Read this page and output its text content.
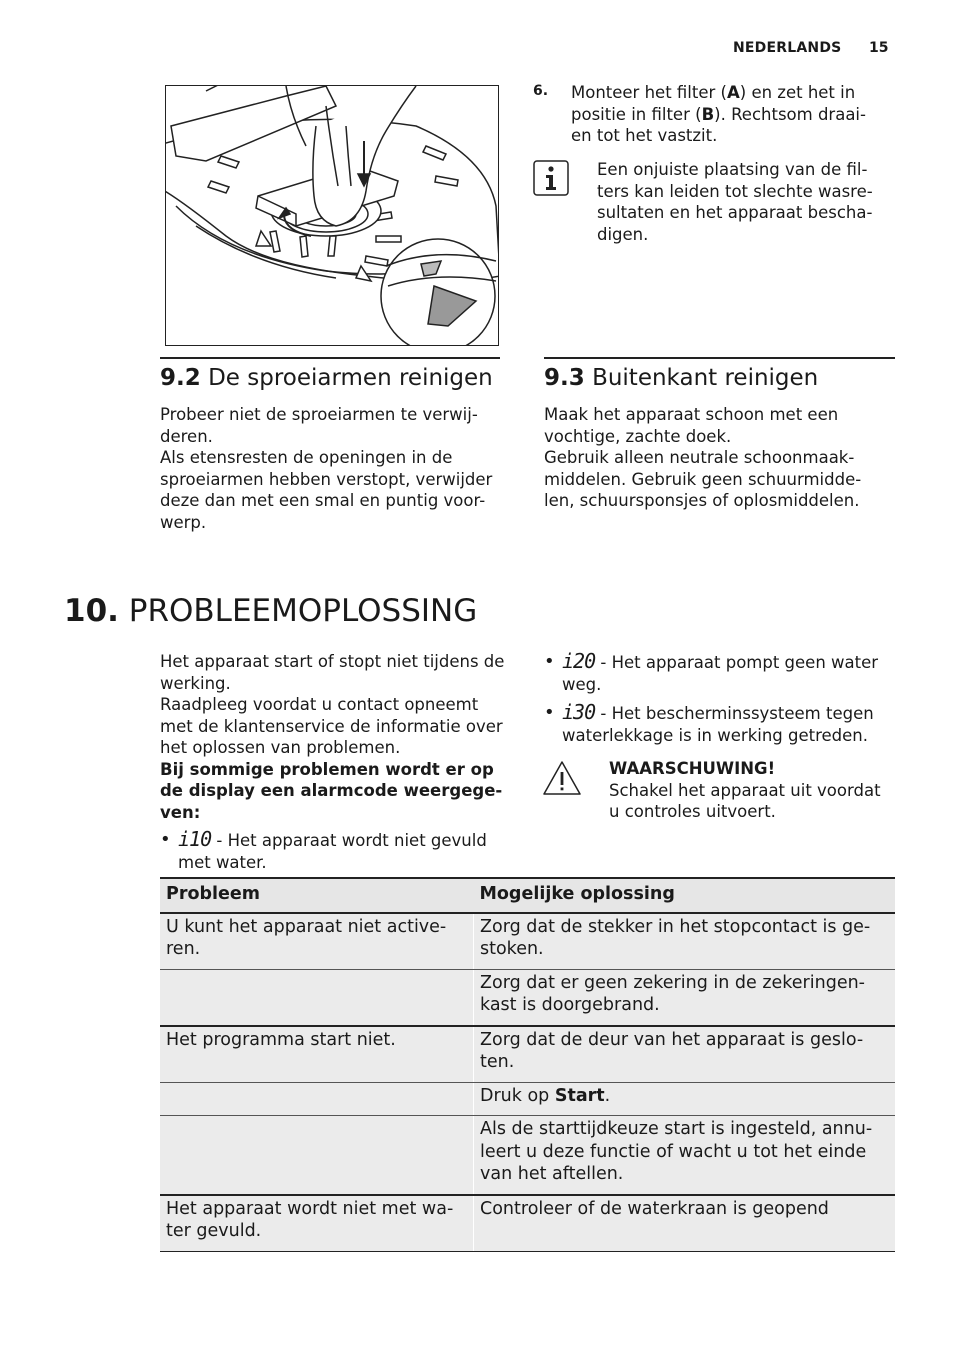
NEDERLANDS 15
6. Monteer het filter (A) en zet het in positie in filter (B). Rechtsom draai- en tot het vastzit.

Een onjuiste plaatsing van de fil- ters kan leiden tot slechte wasre- sultaten en het apparaat bescha- digen.

9.2 De sproeiarmen reinigen

Probeer niet de sproeiarmen te verwij- deren.

Als etensresten de openingen in de sproeiarmen hebben verstopt, verwijder deze dan met een smal en puntig voor- werp.

9.3 Buitenkant reinigen

Maak het apparaat schoon met een vochtige, zachte doek.

Gebruik alleen neutrale schoonmaak- middelen. Gebruik geen schuurmidde- len, schuursponsjes of oplosmiddelen.

10. PROBLEEMOPLOSSING

Het apparaat start of stopt niet tijdens de werking.

Raadpleeg voordat u contact opneemt met de klantenservice de informatie over het oplossen van problemen.

Bij sommige problemen wordt er op de display een alarmcode weergege- ven:

• i10 - Het apparaat wordt niet gevuld met water.

• i20 - Het apparaat pompt geen water weg.

• i30 - Het bescherminssysteem tegen waterlekkage is in werking getreden.

WAARSCHUWING!

Schakel het apparaat uit voordat u controles uitvoert.

Probleem	Mogelijke oplossing
U kunt het apparaat niet active- ren.	Zorg dat de stekker in het stopcontact is ge- stoken.
	Zorg dat er geen zekering in de zekeringen- kast is doorgebrand.
Het programma start niet.	Zorg dat de deur van het apparaat is geslo- ten.
	Druk op Start.
	Als de starttijdkeuze start is ingesteld, annu- leert u deze functie of wacht u tot het einde van het aftellen.
Het apparaat wordt niet met wa- ter gevuld.	Controleer of de waterkraan is geopend
